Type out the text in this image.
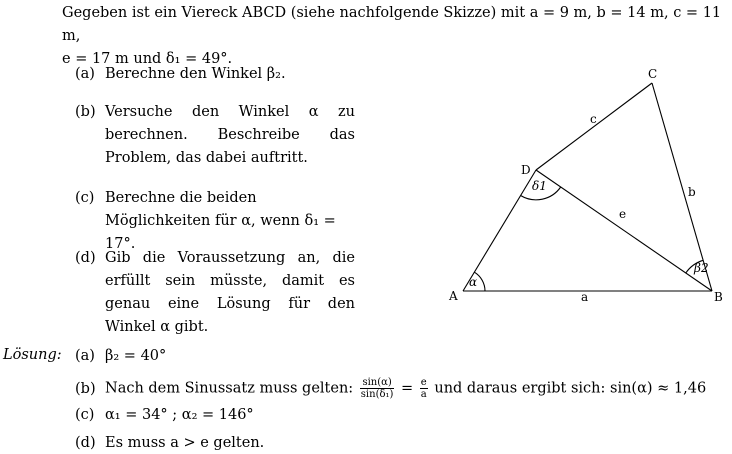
Gegeben ist ein Viereck ABCD (siehe nachfolgende Skizze) mit a = 9 m, b = 14 m, c = 11 m,
e = 17 m und δ₁ = 49°.
(a) Berechne den Winkel β₂.
(b) Versuche den Winkel α zu berechnen. Beschreibe das Problem, das dabei auftritt.
(c) Berechne die beiden Möglichkeiten für α, wenn δ₁ = 17°.
(d) Gib die Voraussetzung an, die erfüllt sein müsste, damit es genau eine Lösung für den Winkel α gibt.
A	B
C
D
a
b
c
e
α
δ1
β2
Lösung: (a) β₂ = 40°
(b) Nach dem Sinussatz muss gelten: $\frac{\sin(\alpha)}{\text{sin(δ₁)}} = \frac{e}{a}$ und daraus ergibt sich: sin(α) ≈ 1,46
(c) α₁ = 34° ; α₂ = 146°
(d) Es muss a > e gelten.
